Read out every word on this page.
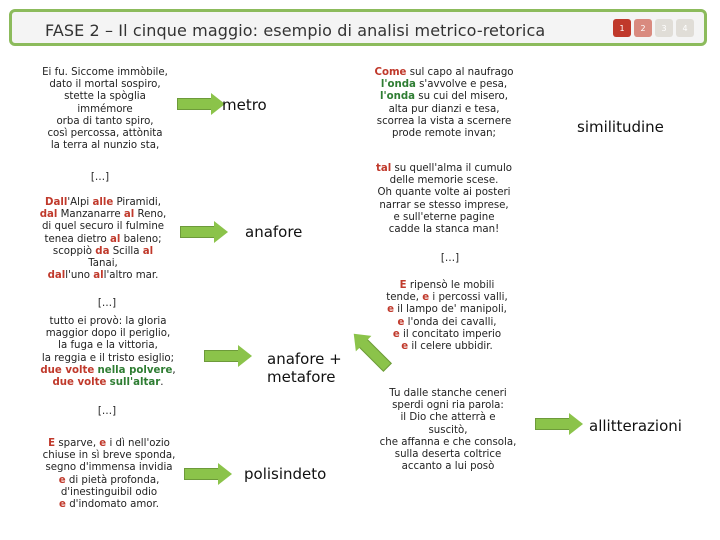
FASE 2 – Il cinque maggio: esempio di analisi metrico-retorica	1	2	3	4
Ei fu. Siccome immòbile,
dato il mortal sospiro,
stette la spòglia
immémore
orba di tanto spiro,
così percossa, attònita
la terra al nunzio sta,
[…]
Dall'Alpi alle Piramidi,
dal Manzanarre al Reno,
di quel securo il fulmine
tenea dietro al baleno;
scoppiò da Scilla al
Tanai,
dall'uno all'altro mar.
[…]
tutto ei provò: la gloria
maggior dopo il periglio,
la fuga e la vittoria,
la reggia e il tristo esiglio;
due volte nella polvere,
due volte sull'altar.
[…]
E sparve, e i dì nell'ozio
chiuse in sì breve sponda,
segno d'immensa invidia
e di pietà profonda,
d'inestinguibil odio
e d'indomato amor.
metro
anafore
anafore +
metafore
polisindeto
Come sul capo al naufrago
l'onda s'avvolve e pesa,
l'onda su cui del misero,
alta pur dianzi e tesa,
scorrea la vista a scernere
prode remote invan;
tal su quell'alma il cumulo
delle memorie scese.
Oh quante volte ai posteri
narrar se stesso imprese,
e sull'eterne pagine
cadde la stanca man!
[…]
E ripensò le mobili
tende, e i percossi valli,
e il lampo de' manipoli,
e l'onda dei cavalli,
e il concitato imperio
e il celere ubbidir.
Tu dalle stanche ceneri
sperdi ogni ria parola:
il Dio che atterrà e
suscitò,
che affanna e che consola,
sulla deserta coltrice
accanto a lui posò
similitudine
allitterazioni
